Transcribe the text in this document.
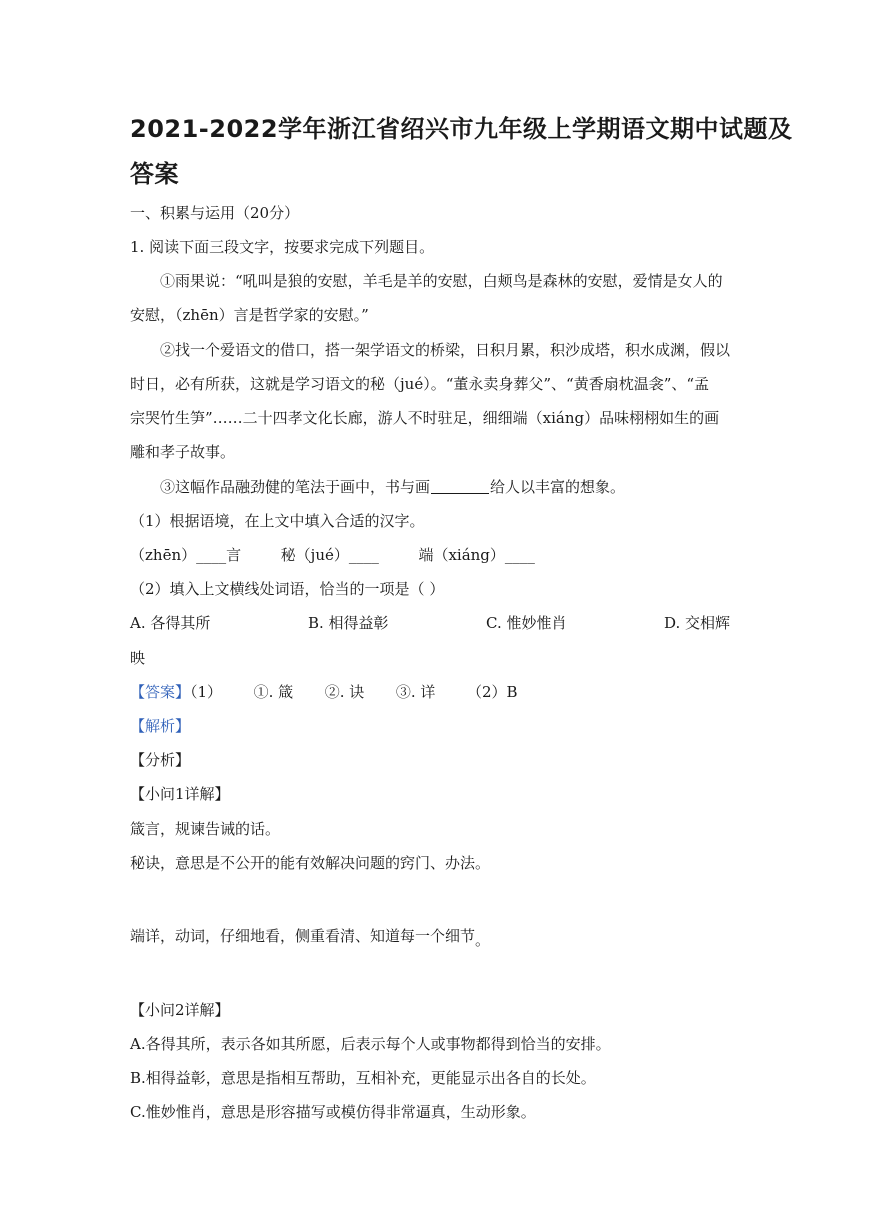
2021-2022学年浙江省绍兴市九年级上学期语文期中试题及
答案
一、积累与运用（20分）
1. 阅读下面三段文字，按要求完成下列题目。
①雨果说：“吼叫是狼的安慰，羊毛是羊的安慰，白颊鸟是森林的安慰，爱情是女人的
安慰，（zhēn）言是哲学家的安慰。”
②找一个爱语文的借口，搭一架学语文的桥梁，日积月累，积沙成塔，积水成渊，假以
时日，必有所获，这就是学习语文的秘（jué）。“董永卖身葬父”、“黄香扇枕温衾”、“孟
宗哭竹生笋”……二十四孝文化长廊，游人不时驻足，细细端（xiáng）品味栩栩如生的画
雕和孝子故事。
③这幅作品融劲健的笔法于画中，书与画	给人以丰富的想象。
（1）根据语境，在上文中填入合适的汉字。
（zhēn）____言	秘（jué）____	端（xiáng）____
（2）填入上文横线处词语，恰当的一项是（ ）
A. 各得其所	B. 相得益彰	C. 惟妙惟肖	D. 交相辉
映
【答案】（1） ①. 箴 ②. 诀 ③. 详 （2）B
【解析】
【分析】
【小问1详解】
箴言，规谏告诫的话。
秘诀，意思是不公开的能有效解决问题的窍门、办法。
端详，动词，仔细地看，侧重看清、知道每一个细节。
【小问2详解】
A.各得其所，表示各如其所愿，后表示每个人或事物都得到恰当的安排。
B.相得益彰，意思是指相互帮助，互相补充，更能显示出各自的长处。
C.惟妙惟肖，意思是形容描写或模仿得非常逼真，生动形象。
